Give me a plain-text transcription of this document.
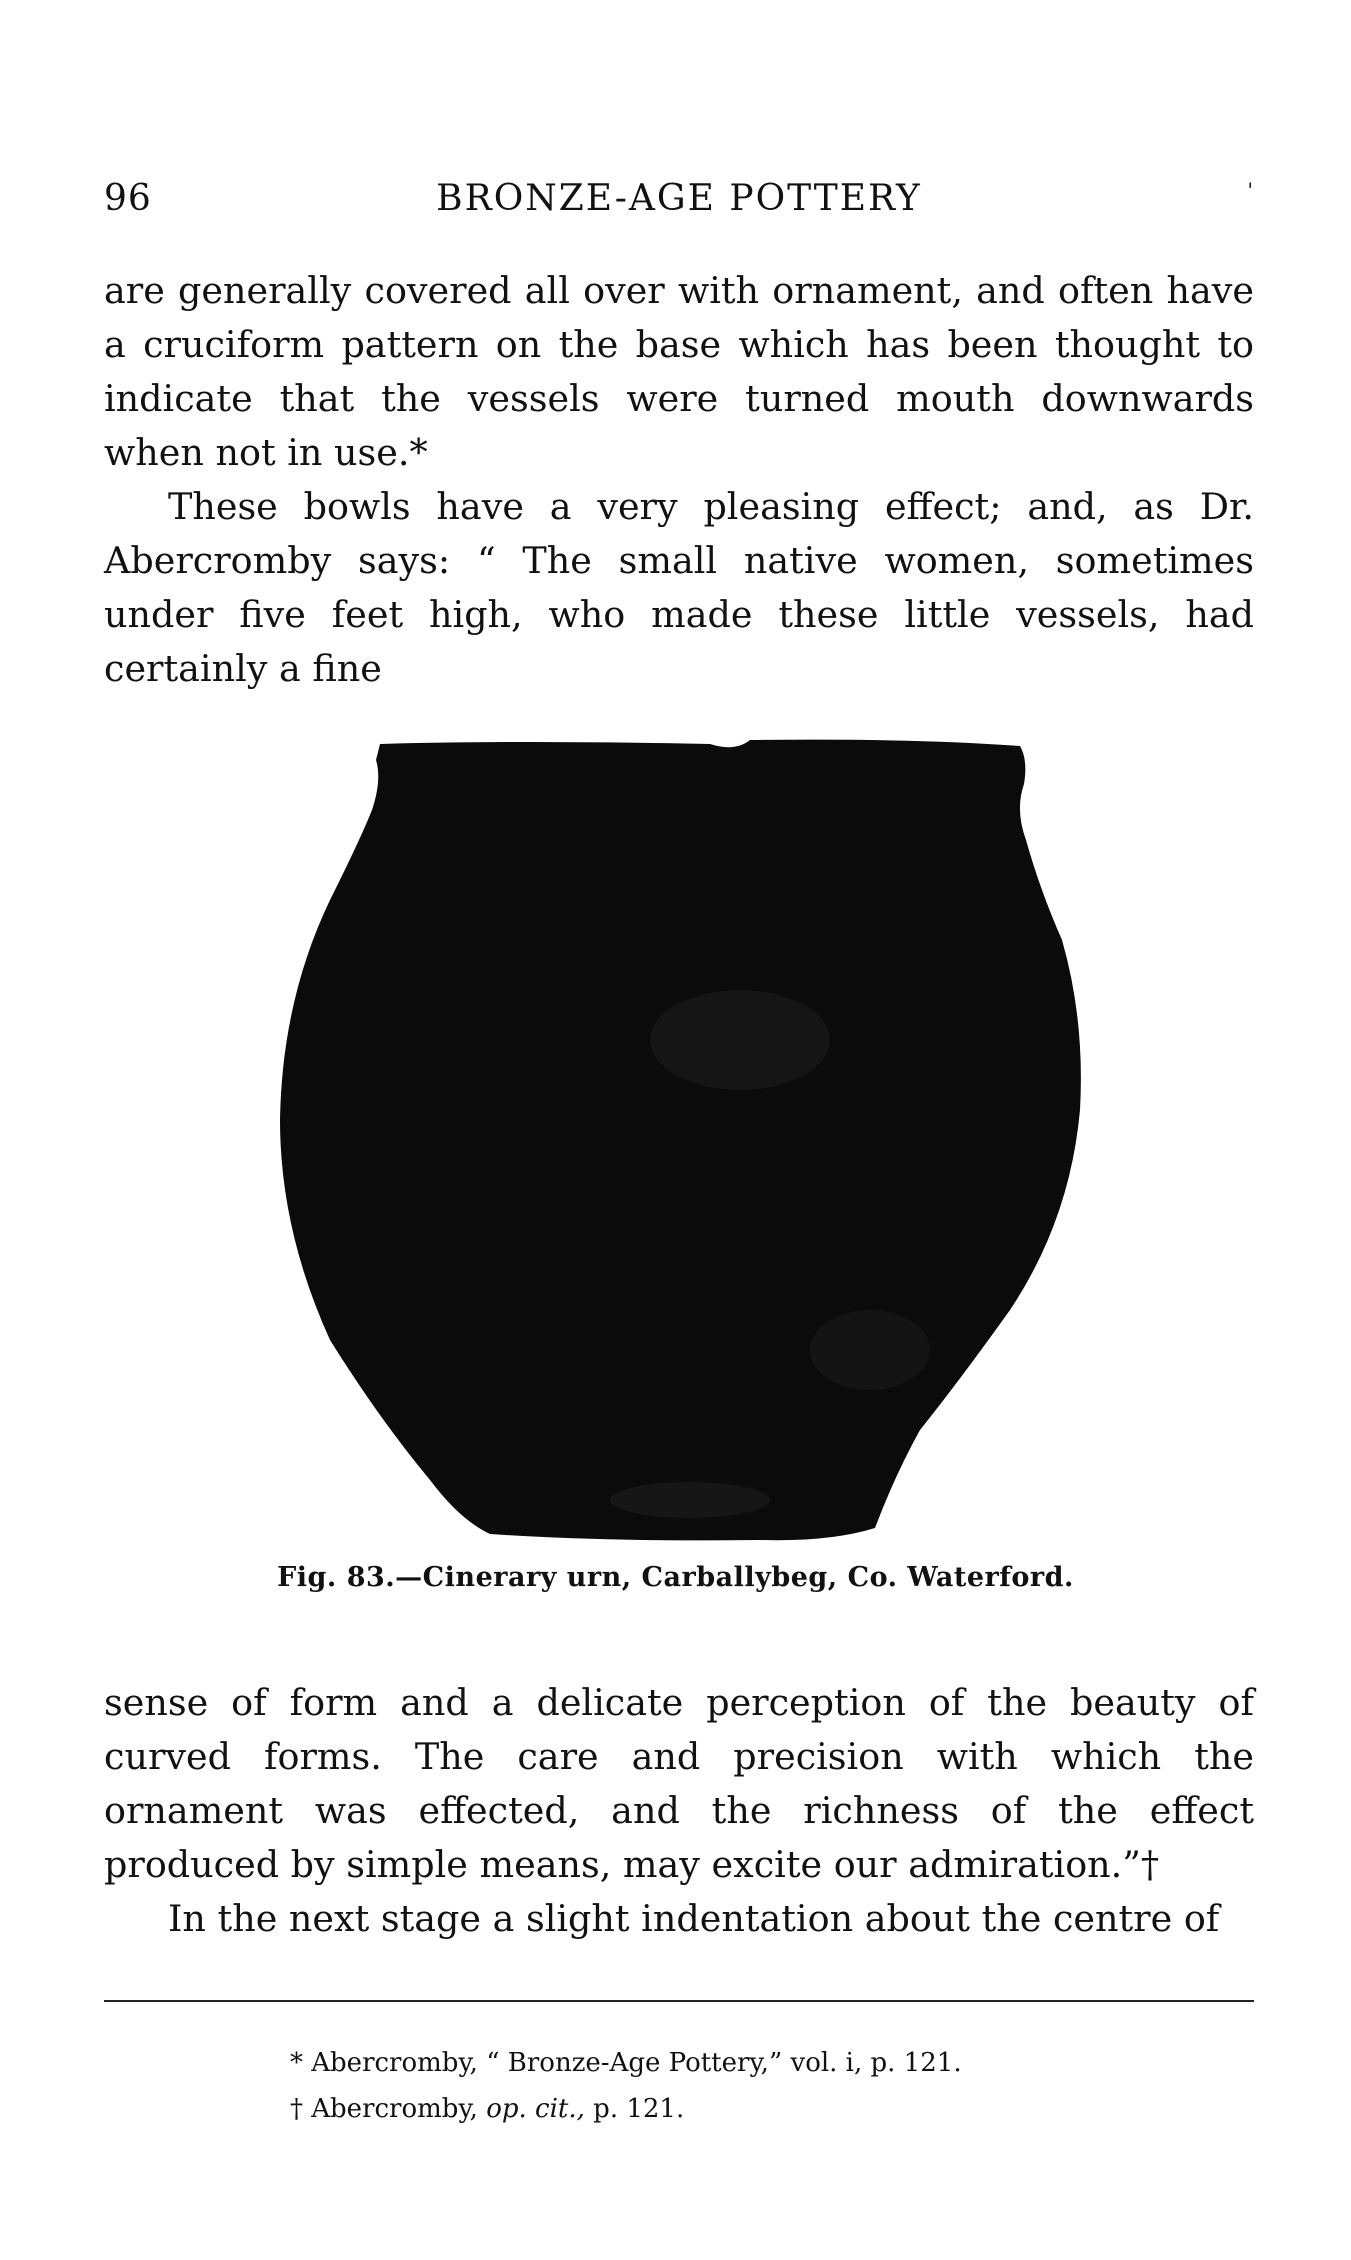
96	BRONZE-AGE POTTERY	'

are generally covered all over with ornament, and often have a cruciform pattern on the base which has been thought to indicate that the vessels were turned mouth downwards when not in use.*

These bowls have a very pleasing effect; and, as Dr. Abercromby says: “ The small native women, sometimes under five feet high, who made these little vessels, had certainly a fine

Fig. 83.—Cinerary urn, Carballybeg, Co. Waterford.

sense of form and a delicate perception of the beauty of curved forms. The care and precision with which the ornament was effected, and the richness of the effect produced by simple means, may excite our admiration.”†

In the next stage a slight indentation about the centre of

* Abercromby, “ Bronze-Age Pottery,” vol. i, p. 121.
† Abercromby, op. cit., p. 121.
